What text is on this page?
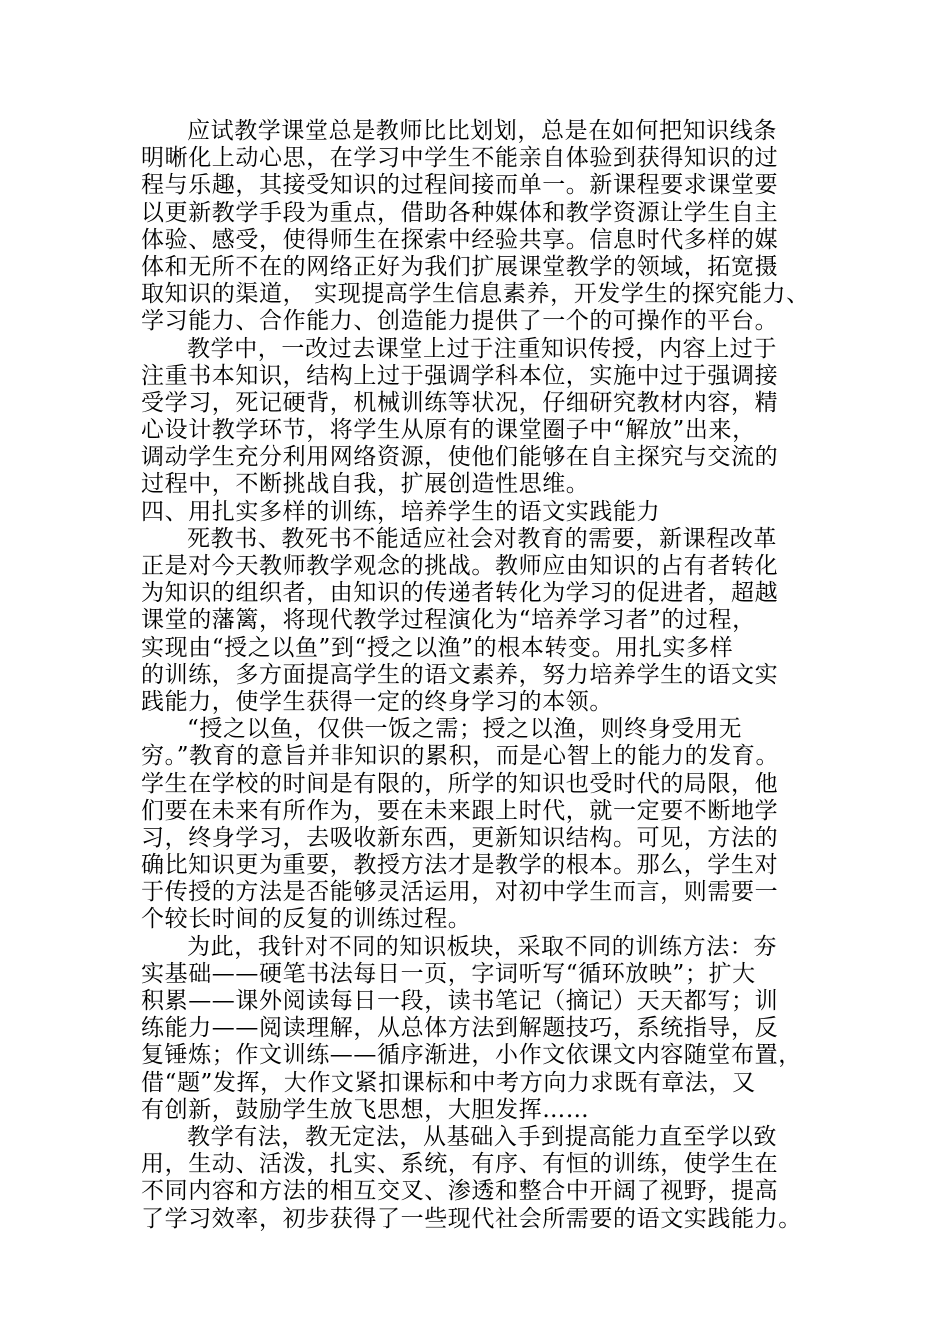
应试教学课堂总是教师比比划划，总是在如何把知识线条
明晰化上动心思，在学习中学生不能亲自体验到获得知识的过
程与乐趣，其接受知识的过程间接而单一。新课程要求课堂要
以更新教学手段为重点，借助各种媒体和教学资源让学生自主
体验、感受，使得师生在探索中经验共享。信息时代多样的媒
体和无所不在的网络正好为我们扩展课堂教学的领域，拓宽摄
取知识的渠道， 实现提高学生信息素养，开发学生的探究能力、
学习能力、合作能力、创造能力提供了一个的可操作的平台。
教学中，一改过去课堂上过于注重知识传授，内容上过于
注重书本知识，结构上过于强调学科本位，实施中过于强调接
受学习，死记硬背，机械训练等状况，仔细研究教材内容，精
心设计教学环节，将学生从原有的课堂圈子中“解放”出来，
调动学生充分利用网络资源，使他们能够在自主探究与交流的
过程中，不断挑战自我，扩展创造性思维。
四、用扎实多样的训练，培养学生的语文实践能力
死教书、教死书不能适应社会对教育的需要，新课程改革
正是对今天教师教学观念的挑战。教师应由知识的占有者转化
为知识的组织者，由知识的传递者转化为学习的促进者，超越
课堂的藩篱，将现代教学过程演化为“培养学习者”的过程，
实现由“授之以鱼”到“授之以渔”的根本转变。用扎实多样
的训练，多方面提高学生的语文素养，努力培养学生的语文实
践能力，使学生获得一定的终身学习的本领。
“授之以鱼，仅供一饭之需；授之以渔，则终身受用无
穷。”教育的意旨并非知识的累积，而是心智上的能力的发育。
学生在学校的时间是有限的，所学的知识也受时代的局限，他
们要在未来有所作为，要在未来跟上时代，就一定要不断地学
习，终身学习，去吸收新东西，更新知识结构。可见，方法的
确比知识更为重要，教授方法才是教学的根本。那么，学生对
于传授的方法是否能够灵活运用，对初中学生而言，则需要一
个较长时间的反复的训练过程。
为此，我针对不同的知识板块，采取不同的训练方法：夯
实基础——硬笔书法每日一页，字词听写“循环放映”；扩大
积累——课外阅读每日一段，读书笔记（摘记）天天都写；训
练能力——阅读理解，从总体方法到解题技巧，系统指导，反
复锤炼；作文训练——循序渐进，小作文依课文内容随堂布置，
借“题”发挥，大作文紧扣课标和中考方向力求既有章法，又
有创新，鼓励学生放飞思想，大胆发挥……
教学有法，教无定法，从基础入手到提高能力直至学以致
用，生动、活泼，扎实、系统，有序、有恒的训练，使学生在
不同内容和方法的相互交叉、渗透和整合中开阔了视野，提高
了学习效率，初步获得了一些现代社会所需要的语文实践能力。
